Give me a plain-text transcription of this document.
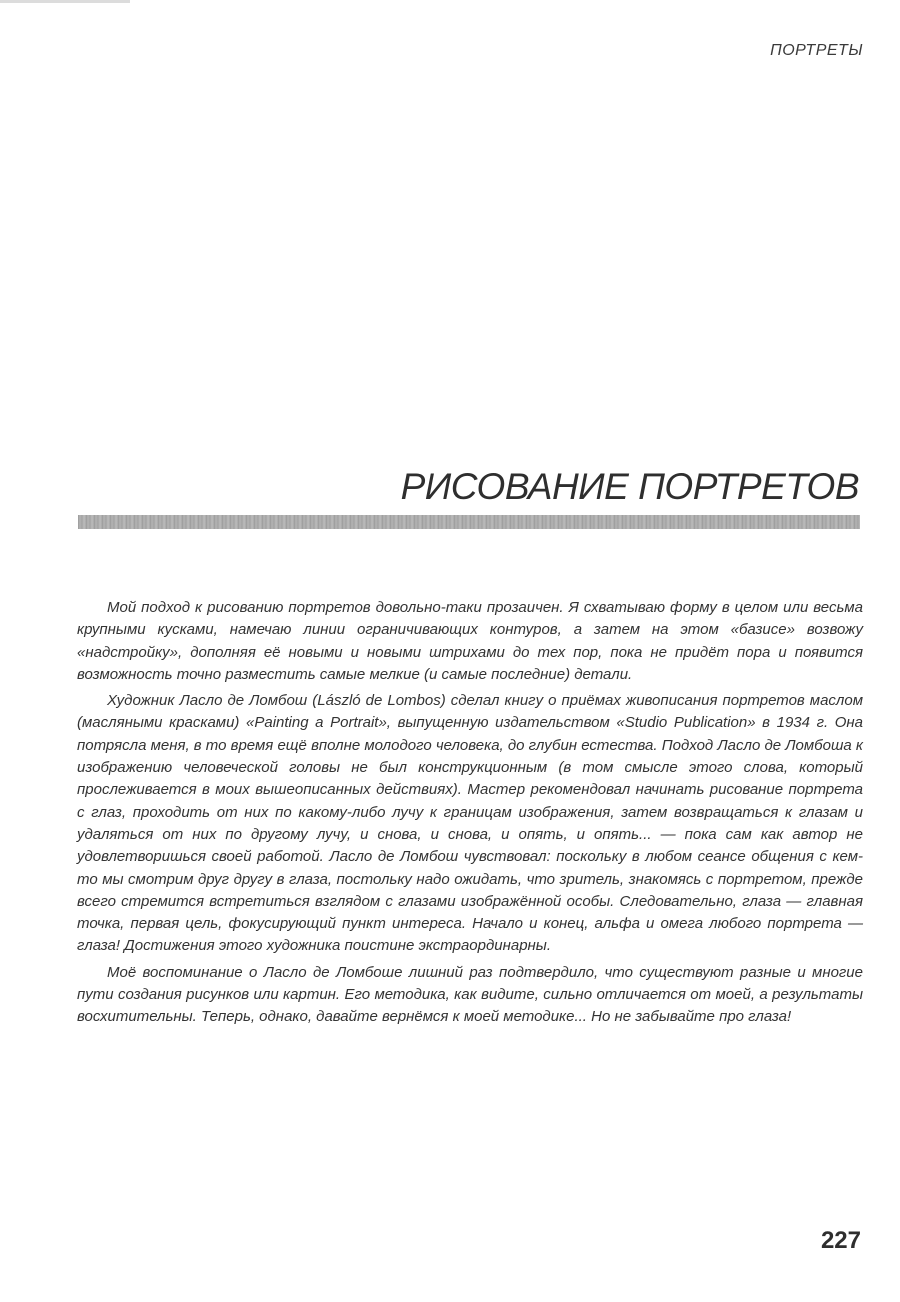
ПОРТРЕТЫ
РИСОВАНИЕ ПОРТРЕТОВ

Мой подход к рисованию портретов довольно-таки прозаичен. Я схватываю форму в целом или весьма крупными кусками, намечаю линии ограничивающих контуров, а затем на этом «базисе» возвожу «надстройку», дополняя её новыми и новыми штрихами до тех пор, пока не придёт пора и появится возможность точно разместить самые мелкие (и самые последние) детали.

Художник Ласло де Ломбош (László de Lombos) сделал книгу о приёмах живописания портретов маслом (масляными красками) «Painting a Portrait», выпущенную издательством «Studio Publication» в 1934 г. Она потрясла меня, в то время ещё вполне молодого человека, до глубин естества. Подход Ласло де Ломбоша к изображению человеческой головы не был конструкционным (в том смысле этого слова, который прослеживается в моих вышеописанных действиях). Мастер рекомендовал начинать рисование портрета с глаз, проходить от них по какому-либо лучу к границам изображения, затем возвращаться к глазам и удаляться от них по другому лучу, и снова, и снова, и опять, и опять... — пока сам как автор не удовлетворишься своей работой. Ласло де Ломбош чувствовал: поскольку в любом сеансе общения с кем-то мы смотрим друг другу в глаза, постольку надо ожидать, что зритель, знакомясь с портретом, прежде всего стремится встретиться взглядом с глазами изображённой особы. Следовательно, глаза — главная точка, первая цель, фокусирующий пункт интереса. Начало и конец, альфа и омега любого портрета — глаза! Достижения этого художника поистине экстраординарны.

Моё воспоминание о Ласло де Ломбоше лишний раз подтвердило, что существуют разные и многие пути создания рисунков или картин. Его методика, как видите, сильно отличается от моей, а результаты восхитительны. Теперь, однако, давайте вернёмся к моей методике... Но не забывайте про глаза!

227
